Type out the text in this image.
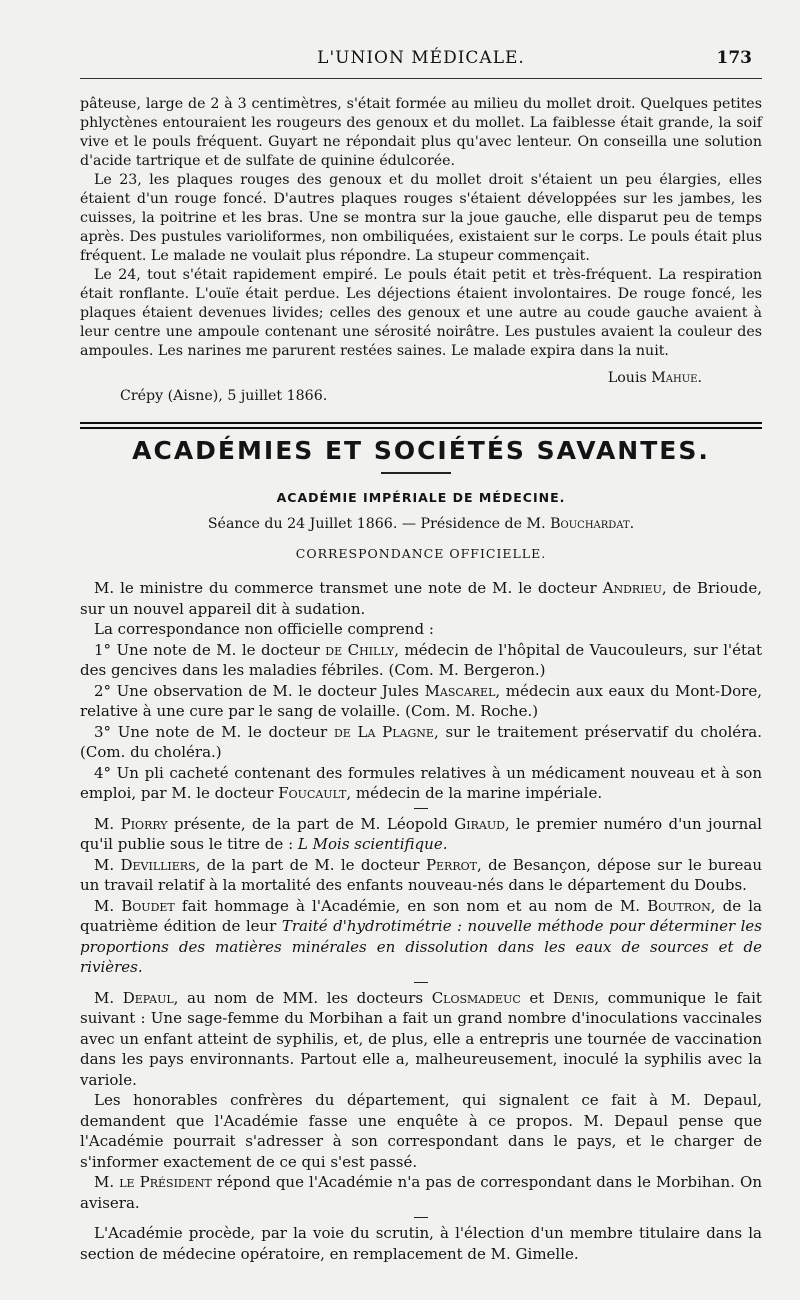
L'UNION MÉDICALE.	173

pâteuse, large de 2 à 3 centimètres, s'était formée au milieu du mollet droit. Quelques petites phlyctènes entouraient les rougeurs des genoux et du mollet. La faiblesse était grande, la soif vive et le pouls fréquent. Guyart ne répondait plus qu'avec lenteur. On conseilla une solution d'acide tartrique et de sulfate de quinine édulcorée.

Le 23, les plaques rouges des genoux et du mollet droit s'étaient un peu élargies, elles étaient d'un rouge foncé. D'autres plaques rouges s'étaient développées sur les jambes, les cuisses, la poitrine et les bras. Une se montra sur la joue gauche, elle disparut peu de temps après. Des pustules varioliformes, non ombiliquées, existaient sur le corps. Le pouls était plus fréquent. Le malade ne voulait plus répondre. La stupeur commençait.

Le 24, tout s'était rapidement empiré. Le pouls était petit et très-fréquent. La respiration était ronflante. L'ouïe était perdue. Les déjections étaient involontaires. De rouge foncé, les plaques étaient devenues livides; celles des genoux et une autre au coude gauche avaient à leur centre une ampoule contenant une sérosité noirâtre. Les pustules avaient la couleur des ampoules. Les narines me parurent restées saines. Le malade expira dans la nuit.

Louis Mahue.
Crépy (Aisne), 5 juillet 1866.
ACADÉMIES ET SOCIÉTÉS SAVANTES.
ACADÉMIE IMPÉRIALE DE MÉDECINE.
Séance du 24 Juillet 1866. — Présidence de M. Bouchardat.
CORRESPONDANCE OFFICIELLE.

M. le ministre du commerce transmet une note de M. le docteur Andrieu, de Brioude, sur un nouvel appareil dit à sudation.

La correspondance non officielle comprend :

1° Une note de M. le docteur de Chilly, médecin de l'hôpital de Vaucouleurs, sur l'état des gencives dans les maladies fébriles. (Com. M. Bergeron.)

2° Une observation de M. le docteur Jules Mascarel, médecin aux eaux du Mont-Dore, relative à une cure par le sang de volaille. (Com. M. Roche.)

3° Une note de M. le docteur de La Plagne, sur le traitement préservatif du choléra. (Com. du choléra.)

4° Un pli cacheté contenant des formules relatives à un médicament nouveau et à son emploi, par M. le docteur Foucault, médecin de la marine impériale.

M. Piorry présente, de la part de M. Léopold Giraud, le premier numéro d'un journal qu'il publie sous le titre de : L Mois scientifique.

M. Devilliers, de la part de M. le docteur Perrot, de Besançon, dépose sur le bureau un travail relatif à la mortalité des enfants nouveau-nés dans le département du Doubs.

M. Boudet fait hommage à l'Académie, en son nom et au nom de M. Boutron, de la quatrième édition de leur Traité d'hydrotimétrie : nouvelle méthode pour déterminer les proportions des matières minérales en dissolution dans les eaux de sources et de rivières.

M. Depaul, au nom de MM. les docteurs Closmadeuc et Denis, communique le fait suivant : Une sage-femme du Morbihan a fait un grand nombre d'inoculations vaccinales avec un enfant atteint de syphilis, et, de plus, elle a entrepris une tournée de vaccination dans les pays environnants. Partout elle a, malheureusement, inoculé la syphilis avec la variole.

Les honorables confrères du département, qui signalent ce fait à M. Depaul, demandent que l'Académie fasse une enquête à ce propos. M. Depaul pense que l'Académie pourrait s'adresser à son correspondant dans le pays, et le charger de s'informer exactement de ce qui s'est passé.

M. le Président répond que l'Académie n'a pas de correspondant dans le Morbihan. On avisera.

L'Académie procède, par la voie du scrutin, à l'élection d'un membre titulaire dans la section de médecine opératoire, en remplacement de M. Gimelle.
